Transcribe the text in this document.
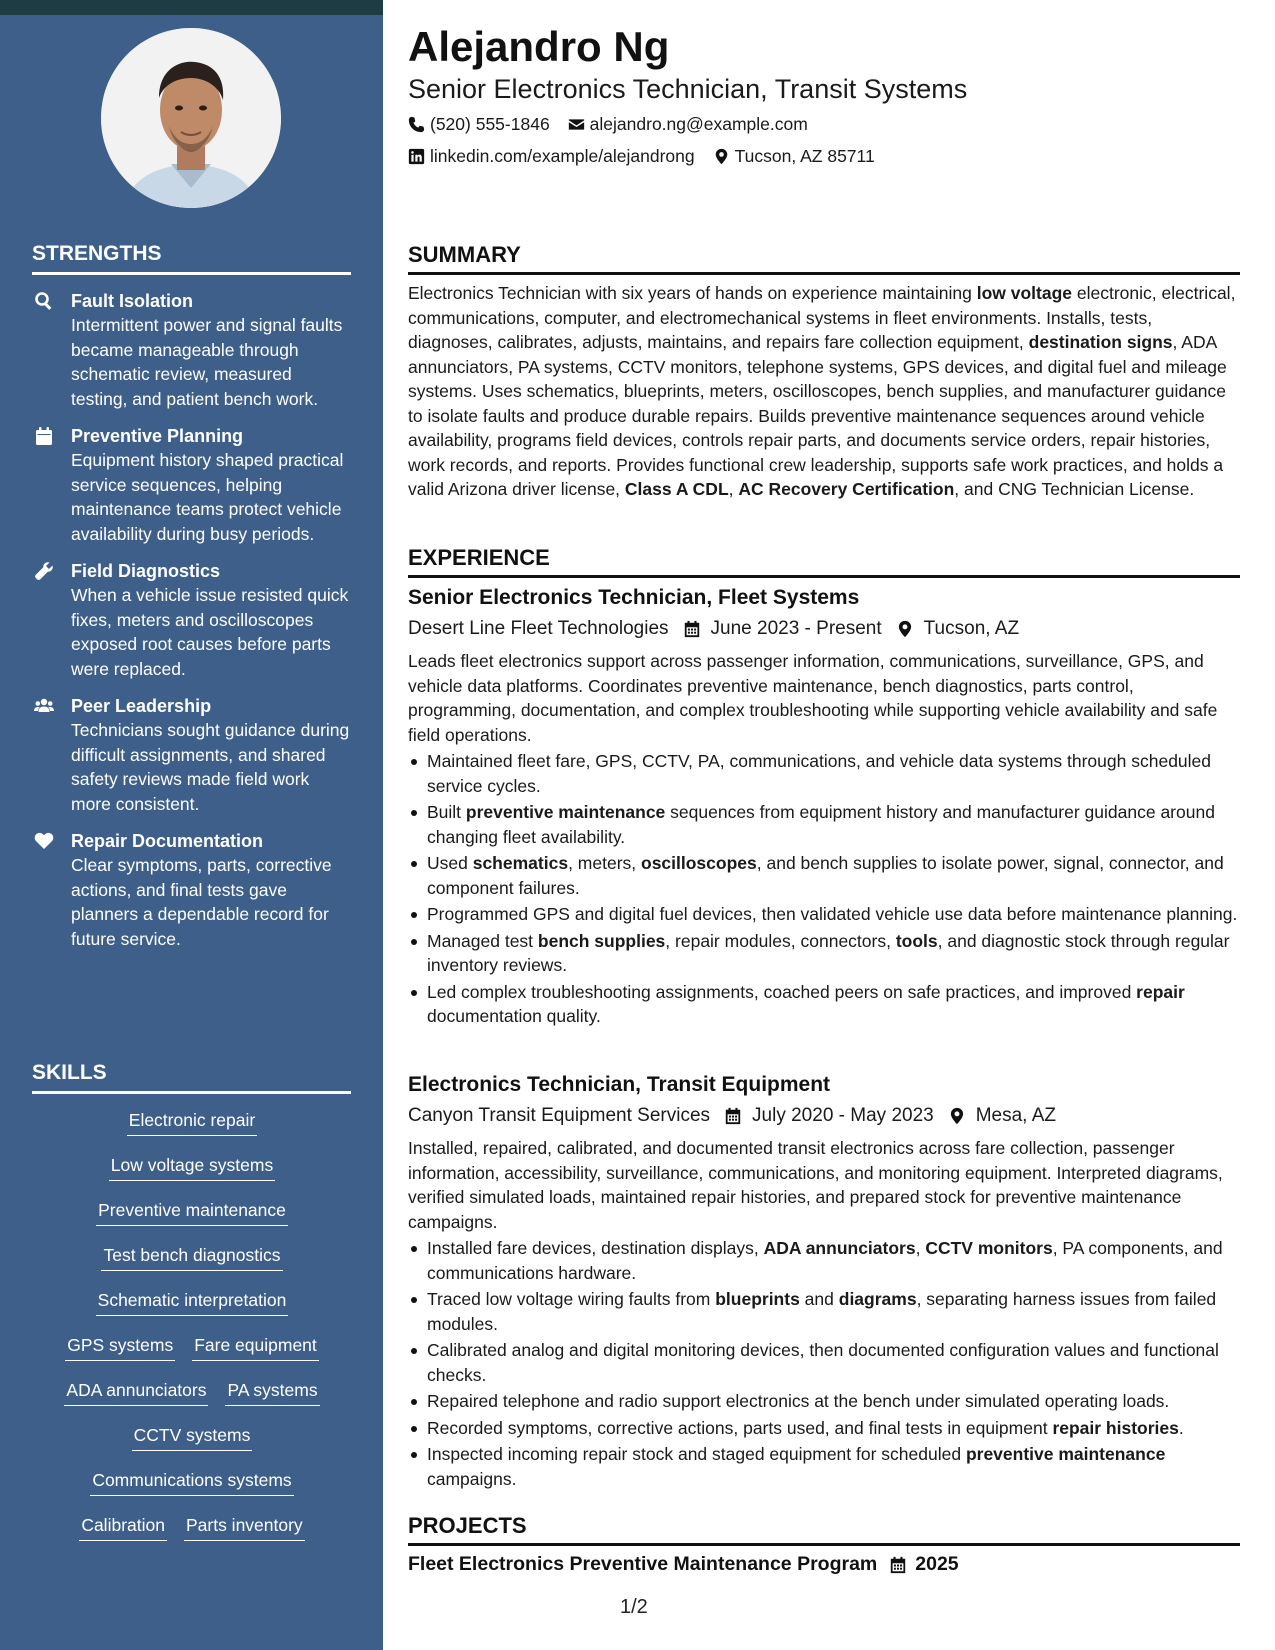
STRENGTHS
Fault Isolation
Intermittent power and signal faults became manageable through schematic review, measured testing, and patient bench work.
Preventive Planning
Equipment history shaped practical service sequences, helping maintenance teams protect vehicle availability during busy periods.
Field Diagnostics
When a vehicle issue resisted quick fixes, meters and oscilloscopes exposed root causes before parts were replaced.
Peer Leadership
Technicians sought guidance during difficult assignments, and shared safety reviews made field work more consistent.
Repair Documentation
Clear symptoms, parts, corrective actions, and final tests gave planners a dependable record for future service.
SKILLS
Electronic repair
Low voltage systems
Preventive maintenance
Test bench diagnostics
Schematic interpretation
GPS systems Fare equipment
ADA annunciators PA systems
CCTV systems
Communications systems
Calibration Parts inventory
Alejandro Ng
Senior Electronics Technician, Transit Systems
(520) 555-1846 alejandro.ng@example.com
linkedin.com/example/alejandrong Tucson, AZ 85711
SUMMARY

Electronics Technician with six years of hands on experience maintaining low voltage electronic, electrical, communications, computer, and electromechanical systems in fleet environments. Installs, tests, diagnoses, calibrates, adjusts, maintains, and repairs fare collection equipment, destination signs, ADA annunciators, PA systems, CCTV monitors, telephone systems, GPS devices, and digital fuel and mileage systems. Uses schematics, blueprints, meters, oscilloscopes, bench supplies, and manufacturer guidance to isolate faults and produce durable repairs. Builds preventive maintenance sequences around vehicle availability, programs field devices, controls repair parts, and documents service orders, repair histories, work records, and reports. Provides functional crew leadership, supports safe work practices, and holds a valid Arizona driver license, Class A CDL, AC Recovery Certification, and CNG Technician License.

EXPERIENCE
Senior Electronics Technician, Fleet Systems
Desert Line Fleet Technologies June 2023 - Present Tucson, AZ

Leads fleet electronics support across passenger information, communications, surveillance, GPS, and vehicle data platforms. Coordinates preventive maintenance, bench diagnostics, parts control, programming, documentation, and complex troubleshooting while supporting vehicle availability and safe field operations.

Maintained fleet fare, GPS, CCTV, PA, communications, and vehicle data systems through scheduled service cycles.
Built preventive maintenance sequences from equipment history and manufacturer guidance around changing fleet availability.
Used schematics, meters, oscilloscopes, and bench supplies to isolate power, signal, connector, and component failures.
Programmed GPS and digital fuel devices, then validated vehicle use data before maintenance planning.
Managed test bench supplies, repair modules, connectors, tools, and diagnostic stock through regular inventory reviews.
Led complex troubleshooting assignments, coached peers on safe practices, and improved repair documentation quality.
Electronics Technician, Transit Equipment
Canyon Transit Equipment Services July 2020 - May 2023 Mesa, AZ

Installed, repaired, calibrated, and documented transit electronics across fare collection, passenger information, accessibility, surveillance, communications, and monitoring equipment. Interpreted diagrams, verified simulated loads, maintained repair histories, and prepared stock for preventive maintenance campaigns.

Installed fare devices, destination displays, ADA annunciators, CCTV monitors, PA components, and communications hardware.
Traced low voltage wiring faults from blueprints and diagrams, separating harness issues from failed modules.
Calibrated analog and digital monitoring devices, then documented configuration values and functional checks.
Repaired telephone and radio support electronics at the bench under simulated operating loads.
Recorded symptoms, corrective actions, parts used, and final tests in equipment repair histories.
Inspected incoming repair stock and staged equipment for scheduled preventive maintenance campaigns.
PROJECTS
Fleet Electronics Preventive Maintenance Program 2025
1/2
